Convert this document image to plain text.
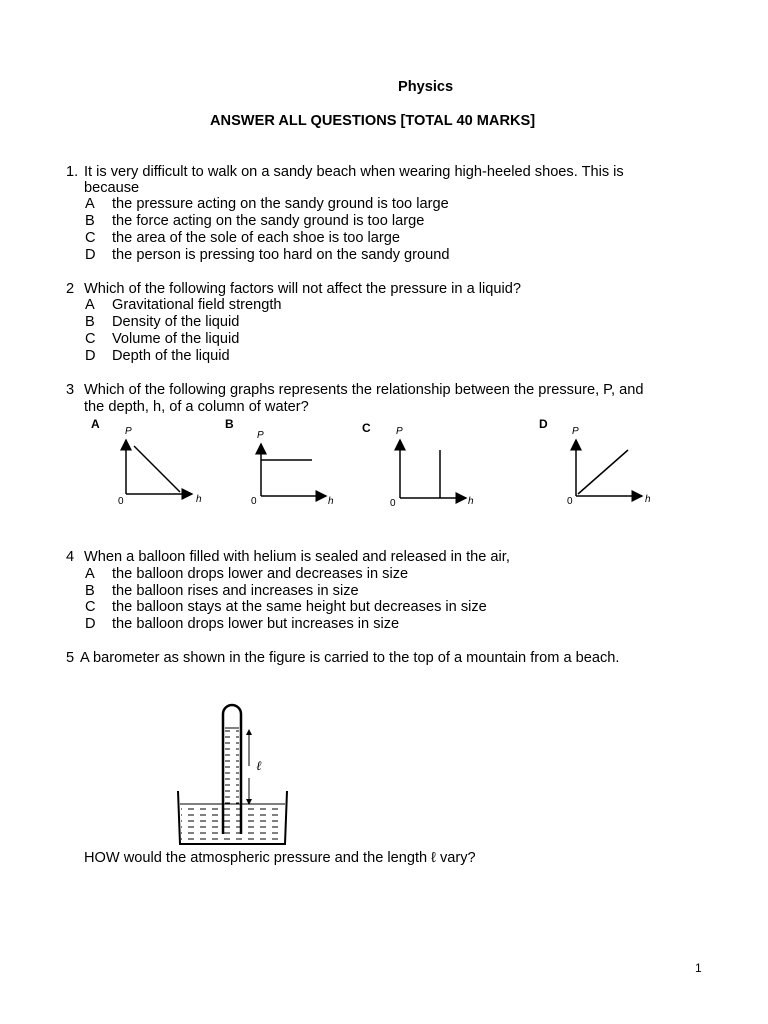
Physics
ANSWER ALL QUESTIONS [TOTAL 40 MARKS]
1. It is very difficult to walk on a sandy beach when wearing high-heeled shoes. This is
because
A the pressure acting on the sandy ground is too large
B the force acting on the sandy ground is too large
C the area of the sole of each shoe is too large
D the person is pressing too hard on the sandy ground
2 Which of the following factors will not affect the pressure in a liquid?
A Gravitational field strength
B Density of the liquid
C Volume of the liquid
D Depth of the liquid
3 Which of the following graphs represents the relationship between the pressure, P, and
the depth, h, of a column of water?
A
P
0	h
B
P
0	h
C	P
0	h
D
P
0	h
4 When a balloon filled with helium is sealed and released in the air,
A the balloon drops lower and decreases in size
B the balloon rises and increases in size
C the balloon stays at the same height but decreases in size
D the balloon drops lower but increases in size
5 A barometer as shown in the figure is carried to the top of a mountain from a beach.
ℓ
HOW would the atmospheric pressure and the length ℓ vary?
1
